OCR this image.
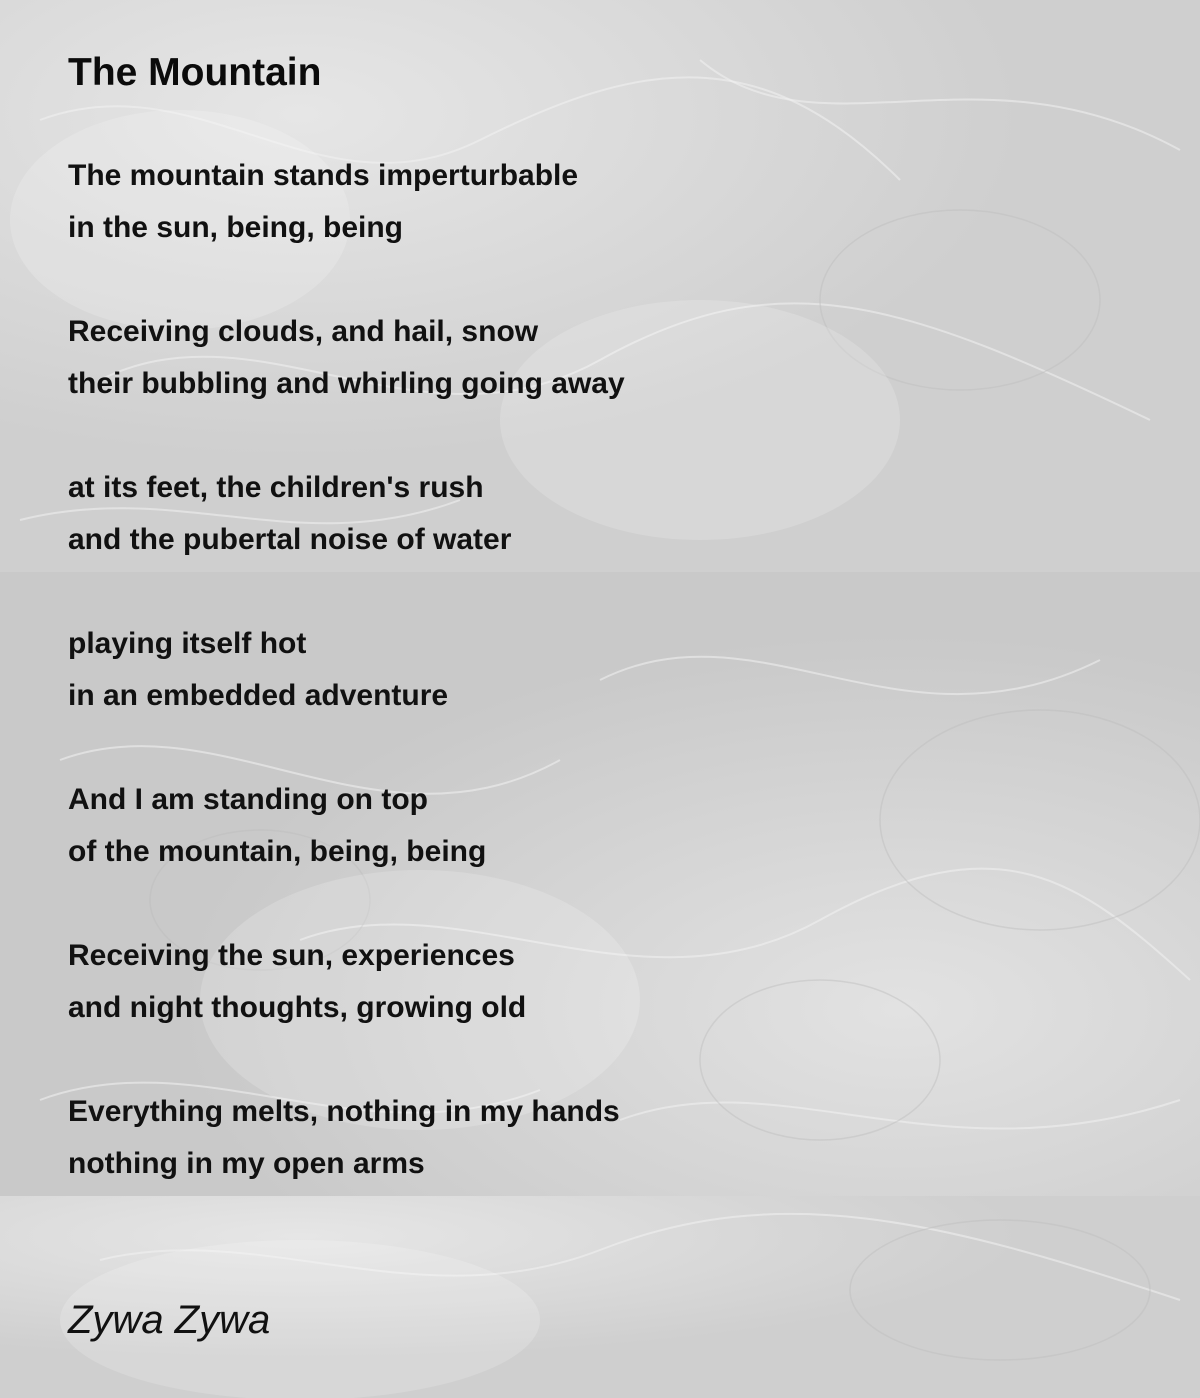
The Mountain
The mountain stands imperturbable
in the sun, being, being
Receiving clouds, and hail, snow
their bubbling and whirling going away
at its feet, the children's rush
and the pubertal noise of water
playing itself hot
in an embedded adventure
And I am standing on top
of the mountain, being, being
Receiving the sun, experiences
and night thoughts, growing old
Everything melts, nothing in my hands
nothing in my open arms

Zywa Zywa
